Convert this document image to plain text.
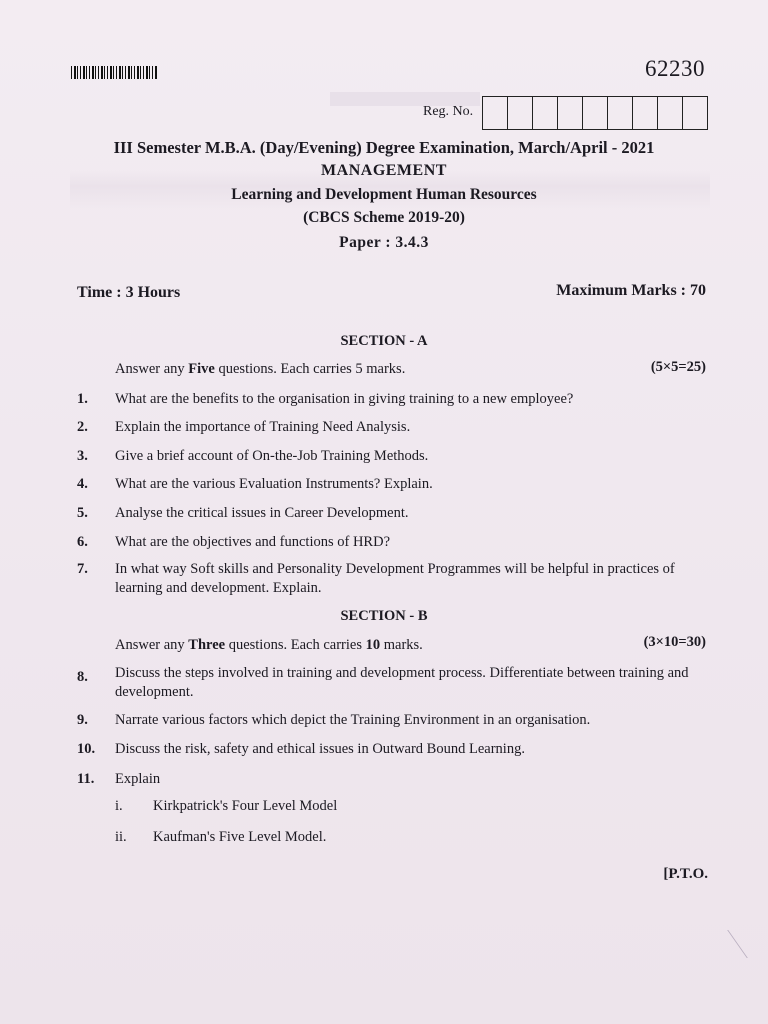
62230
Reg. No.
III Semester M.B.A. (Day/Evening) Degree Examination, March/April - 2021
MANAGEMENT
Learning and Development Human Resources
(CBCS Scheme 2019-20)
Paper : 3.4.3
Time : 3 Hours	Maximum Marks : 70
SECTION - A
Answer any Five questions. Each carries 5 marks.	(5×5=25)
1. What are the benefits to the organisation in giving training to a new employee?
2. Explain the importance of Training Need Analysis.
3. Give a brief account of On-the-Job Training Methods.
4. What are the various Evaluation Instruments? Explain.
5. Analyse the critical issues in Career Development.
6. What are the objectives and functions of HRD?
7. In what way Soft skills and Personality Development Programmes will be helpful in practices of learning and development. Explain.
SECTION - B
Answer any Three questions. Each carries 10 marks.	(3×10=30)
8. Discuss the steps involved in training and development process. Differentiate between training and development.
9. Narrate various factors which depict the Training Environment in an organisation.
10. Discuss the risk, safety and ethical issues in Outward Bound Learning.
11. Explain
i. Kirkpatrick's Four Level Model
ii. Kaufman's Five Level Model.
[P.T.O.
